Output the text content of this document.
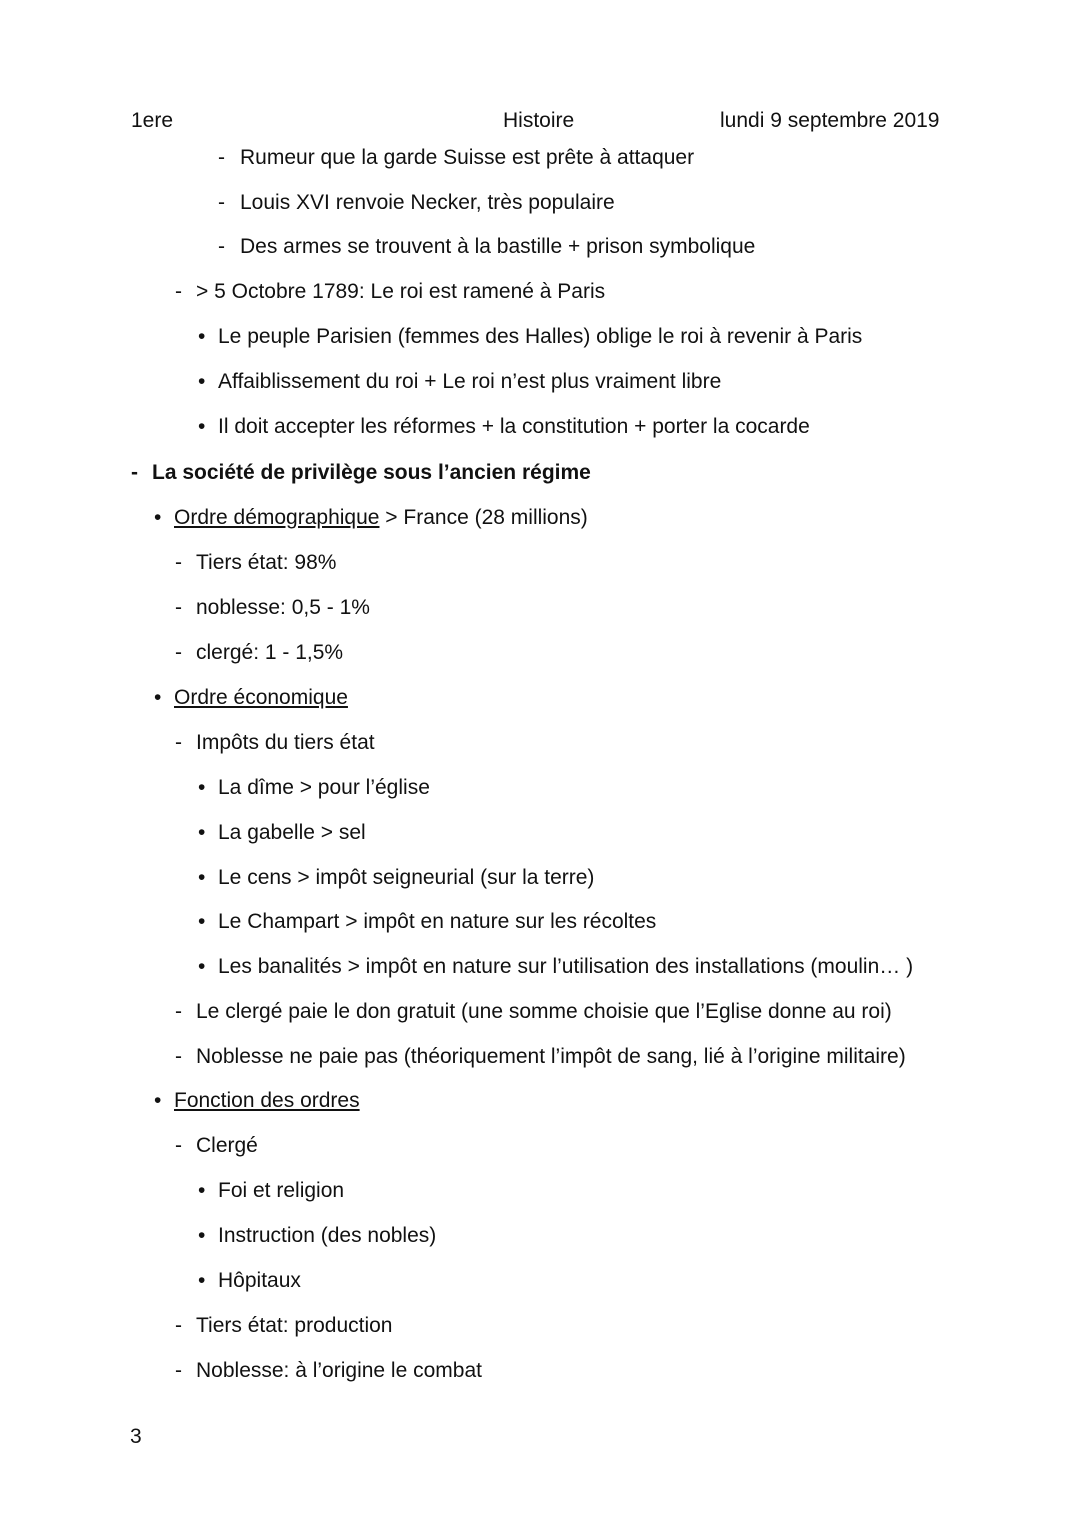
1ere	Histoire	lundi 9 septembre 2019
- Rumeur que la garde Suisse est prête à attaquer
- Louis XVI renvoie Necker, très populaire
- Des armes se trouvent à la bastille + prison symbolique
- > 5 Octobre 1789: Le roi est ramené à Paris
• Le peuple Parisien (femmes des Halles) oblige le roi à revenir à Paris
• Affaiblissement du roi + Le roi n’est plus vraiment libre
• Il doit accepter les réformes + la constitution + porter la cocarde
- La société de privilège sous l’ancien régime
• Ordre démographique > France (28 millions)
- Tiers état: 98%
- noblesse: 0,5 - 1%
- clergé: 1 - 1,5%
• Ordre économique
- Impôts du tiers état
• La dîme > pour l’église
• La gabelle > sel
• Le cens > impôt seigneurial (sur la terre)
• Le Champart > impôt en nature sur les récoltes
• Les banalités > impôt en nature sur l’utilisation des installations (moulin… )
- Le clergé paie le don gratuit (une somme choisie que l’Eglise donne au roi)
- Noblesse ne paie pas (théoriquement l’impôt de sang, lié à l’origine militaire)
• Fonction des ordres
- Clergé
• Foi et religion
• Instruction (des nobles)
• Hôpitaux
- Tiers état: production
- Noblesse: à l’origine le combat
3
